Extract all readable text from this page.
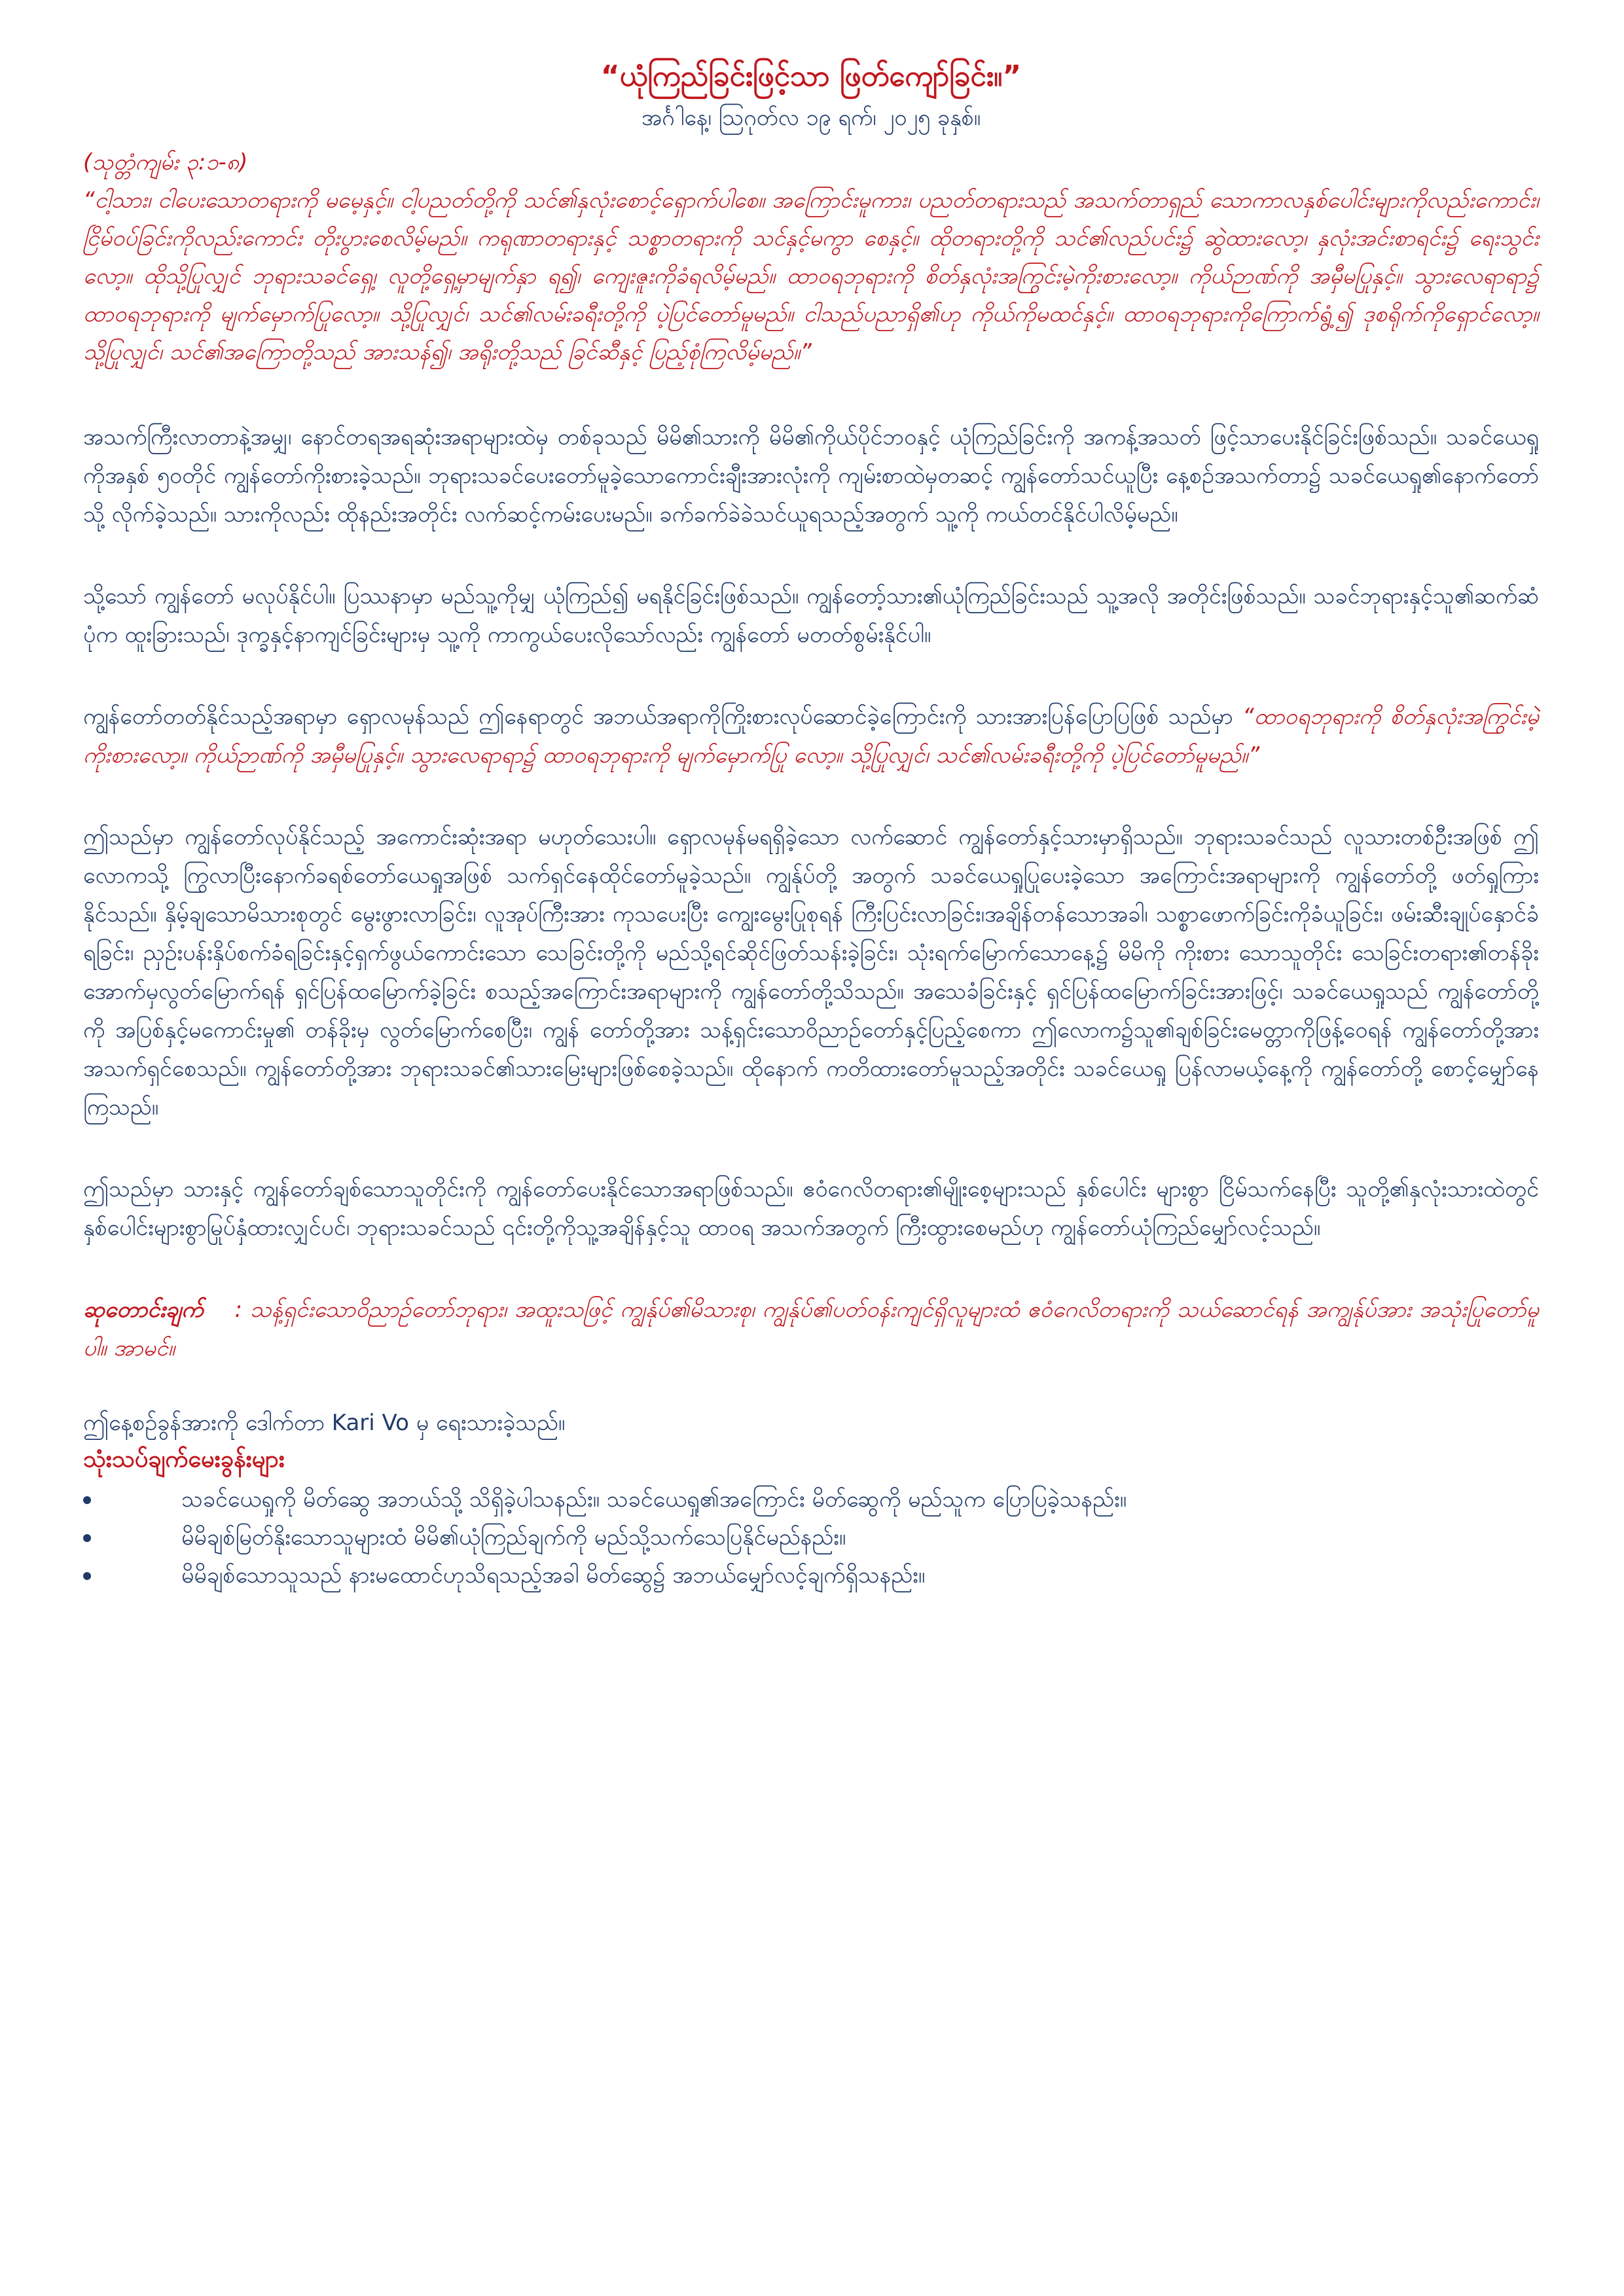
“ယုံကြည်ခြင်းဖြင့်သာ ဖြတ်ကျော်ခြင်း။”

အင်္ဂါနေ့၊ ဩဂုတ်လ ၁၉ ရက်၊ ၂၀၂၅ ခုနှစ်။

(သုတ္တံကျမ်း ၃:၁-၈)

“ငါ့သား၊ ငါပေးသောတရားကို မမေ့နှင့်။ ငါ့ပညတ်တို့ကို သင်၏နှလုံးစောင့်ရှောက်ပါစေ။ အကြောင်းမူကား၊ ပညတ်တရားသည် အသက်တာရှည် သောကာလနှစ်ပေါင်းများကိုလည်းကောင်း၊ ငြိမ်ဝပ်ခြင်းကိုလည်းကောင်း တိုးပွားစေလိမ့်မည်။ ကရုဏာတရားနှင့် သစ္စာတရားကို သင်နှင့်မကွာ စေနှင့်။ ထိုတရားတို့ကို သင်၏လည်ပင်း၌ ဆွဲထားလော့၊ နှလုံးအင်းစာရင်း၌ ရေးသွင်းလော့။ ထိုသို့ပြုလျှင် ဘုရားသခင်ရှေ့၊ လူတို့ရှေ့မှာမျက်နှာ ရ၍၊ ကျေးဇူးကိုခံရလိမ့်မည်။ ထာဝရဘုရားကို စိတ်နှလုံးအကြွင်းမဲ့ကိုးစားလော့။ ကိုယ်ဉာဏ်ကို အမှီမပြုနှင့်။ သွားလေရာရာ၌ ထာဝရဘုရားကို မျက်မှောက်ပြုလော့။ သို့ပြုလျှင်၊ သင်၏လမ်းခရီးတို့ကို ပဲ့ပြင်တော်မူမည်။ ငါသည်ပညာရှိ၏ဟု ကိုယ်ကိုမထင်နှင့်။ ထာဝရဘုရားကိုကြောက်ရွံ့၍ ဒုစရိုက်ကိုရှောင်လော့။ သို့ပြုလျှင်၊ သင်၏အကြောတို့သည် အားသန်၍၊ အရိုးတို့သည် ခြင်ဆီနှင့် ပြည့်စုံကြလိမ့်မည်။”

အသက်ကြီးလာတာနဲ့အမျှ၊ နောင်တရအရဆုံးအရာများထဲမှ တစ်ခုသည် မိမိ၏သားကို မိမိ၏ကိုယ်ပိုင်ဘဝနှင့် ယုံကြည်ခြင်းကို အကန့်အသတ် ဖြင့်သာပေးနိုင်ခြင်းဖြစ်သည်။ သခင်ယေရှုကိုအနှစ် ၅၀တိုင် ကျွန်တော်ကိုးစားခဲ့သည်။ ဘုရားသခင်ပေးတော်မူခဲ့သောကောင်းချီးအားလုံးကို ကျမ်းစာထဲမှတဆင့် ကျွန်တော်သင်ယူပြီး နေ့စဉ်အသက်တာ၌ သခင်ယေရှု၏နောက်တော်သို့ လိုက်ခဲ့သည်။ သားကိုလည်း ထိုနည်းအတိုင်း လက်ဆင့်ကမ်းပေးမည်။ ခက်ခက်ခဲခဲသင်ယူရသည့်အတွက် သူ့ကို ကယ်တင်နိုင်ပါလိမ့်မည်။

သို့သော် ကျွန်တော် မလုပ်နိုင်ပါ။ ပြဿနာမှာ မည်သူ့ကိုမျှ ယုံကြည်၍ မရနိုင်ခြင်းဖြစ်သည်။ ကျွန်တော့်သား၏ယုံကြည်ခြင်းသည် သူ့အလို အတိုင်းဖြစ်သည်။ သခင်ဘုရားနှင့်သူ၏ဆက်ဆံပုံက ထူးခြားသည်၊ ဒုက္ခနှင့်နာကျင်ခြင်းများမှ သူ့ကို ကာကွယ်ပေးလိုသော်လည်း ကျွန်တော် မတတ်စွမ်းနိုင်ပါ။

ကျွန်တော်တတ်နိုင်သည့်အရာမှာ ရှောလမုန်သည် ဤနေရာတွင် အဘယ်အရာကိုကြိုးစားလုပ်ဆောင်ခဲ့ကြောင်းကို သားအားပြန်ပြောပြဖြစ် သည်မှာ “ထာဝရဘုရားကို စိတ်နှလုံးအကြွင်းမဲ့ကိုးစားလော့။ ကိုယ်ဉာဏ်ကို အမှီမပြုနှင့်။ သွားလေရာရာ၌ ထာဝရဘုရားကို မျက်မှောက်ပြု လော့။ သို့ပြုလျှင်၊ သင်၏လမ်းခရီးတို့ကို ပဲ့ပြင်တော်မူမည်။”

ဤသည်မှာ ကျွန်တော်လုပ်နိုင်သည့် အကောင်းဆုံးအရာ မဟုတ်သေးပါ။ ရှောလမုန်မရရှိခဲ့သော လက်ဆောင် ကျွန်တော်နှင့်သားမှာရှိသည်။ ဘုရားသခင်သည် လူသားတစ်ဦးအဖြစ် ဤလောကသို့ ကြွလာပြီးနောက်ခရစ်တော်ယေရှုအဖြစ် သက်ရှင်နေထိုင်တော်မူခဲ့သည်။ ကျွန်ုပ်တို့ အတွက် သခင်ယေရှုပြုပေးခဲ့သော အကြောင်းအရာများကို ကျွန်တော်တို့ ဖတ်ရှုကြားနိုင်သည်။ နှိမ့်ချသောမိသားစုတွင် မွေးဖွားလာခြင်း၊ လူအုပ်ကြီးအား ကုသပေးပြီး ကျွေးမွေးပြုစုရန် ကြီးပြင်းလာခြင်း၊အချိန်တန်သောအခါ၊ သစ္စာဖောက်ခြင်းကိုခံယူခြင်း၊ ဖမ်းဆီးချုပ်နှောင်ခံရခြင်း၊ ညှဉ်းပန်းနှိပ်စက်ခံရခြင်းနှင့်ရှက်ဖွယ်ကောင်းသော သေခြင်းတို့ကို မည်သို့ရင်ဆိုင်ဖြတ်သန်းခဲ့ခြင်း၊ သုံးရက်မြောက်သောနေ့၌ မိမိကို ကိုးစား သောသူတိုင်း သေခြင်းတရား၏တန်ခိုးအောက်မှလွတ်မြောက်ရန် ရှင်ပြန်ထမြောက်ခဲ့ခြင်း စသည့်အကြောင်းအရာများကို ကျွန်တော်တို့သိသည်။ အသေခံခြင်းနှင့် ရှင်ပြန်ထမြောက်ခြင်းအားဖြင့်၊ သခင်ယေရှုသည် ကျွန်တော်တို့ကို အပြစ်နှင့်မကောင်းမှု၏ တန်ခိုးမှ လွတ်မြောက်စေပြီး၊ ကျွန် တော်တို့အား သန့်ရှင်းသောဝိညာဉ်တော်နှင့်ပြည့်စေကာ ဤလောက၌သူ၏ချစ်ခြင်းမေတ္တာကိုဖြန့်ဝေရန် ကျွန်တော်တို့အား အသက်ရှင်စေသည်။ ကျွန်တော်တို့အား ဘုရားသခင်၏သားမြေးများဖြစ်စေခဲ့သည်။ ထိုနောက် ကတိထားတော်မူသည့်အတိုင်း သခင်ယေရှု ပြန်လာမယ့်နေ့ကို ကျွန်တော်တို့ စောင့်မျှော်နေကြသည်။

ဤသည်မှာ သားနှင့် ကျွန်တော်ချစ်သောသူတိုင်းကို ကျွန်တော်ပေးနိုင်သောအရာဖြစ်သည်။ ဧဝံဂေလိတရား၏မျိုးစေ့များသည် နှစ်ပေါင်း များစွာ ငြိမ်သက်နေပြီး သူတို့၏နှလုံးသားထဲတွင် နှစ်ပေါင်းများစွာမြုပ်နှံထားလျှင်ပင်၊ ဘုရားသခင်သည် ၎င်းတို့ကိုသူ့အချိန်နှင့်သူ ထာဝရ အသက်အတွက် ကြီးထွားစေမည်ဟု ကျွန်တော်ယုံကြည်မျှော်လင့်သည်။

ဆုတောင်းချက် : သန့်ရှင်းသောဝိညာဉ်တော်ဘုရား၊ အထူးသဖြင့် ကျွန်ုပ်၏မိသားစု၊ ကျွန်ုပ်၏ပတ်ဝန်းကျင်ရှိလူများထံ ဧဝံဂေလိတရားကို သယ်ဆောင်ရန် အကျွန်ုပ်အား အသုံးပြုတော်မူပါ။ အာမင်။

ဤနေ့စဉ်ခွန်အားကို ဒေါက်တာ Kari Vo မှ ရေးသားခဲ့သည်။

သုံးသပ်ချက်မေးခွန်းများ
သခင်ယေရှုကို မိတ်ဆွေ အဘယ်သို့ သိရှိခဲ့ပါသနည်း။ သခင်ယေရှု၏အကြောင်း မိတ်ဆွေကို မည်သူက ပြောပြခဲ့သနည်း။
မိမိချစ်မြတ်နိုးသောသူများထံ မိမိ၏ယုံကြည်ချက်ကို မည်သို့သက်သေပြနိုင်မည်နည်း။
မိမိချစ်သောသူသည် နားမထောင်ဟုသိရသည့်အခါ မိတ်ဆွေ၌ အဘယ်မျှော်လင့်ချက်ရှိသနည်း။
